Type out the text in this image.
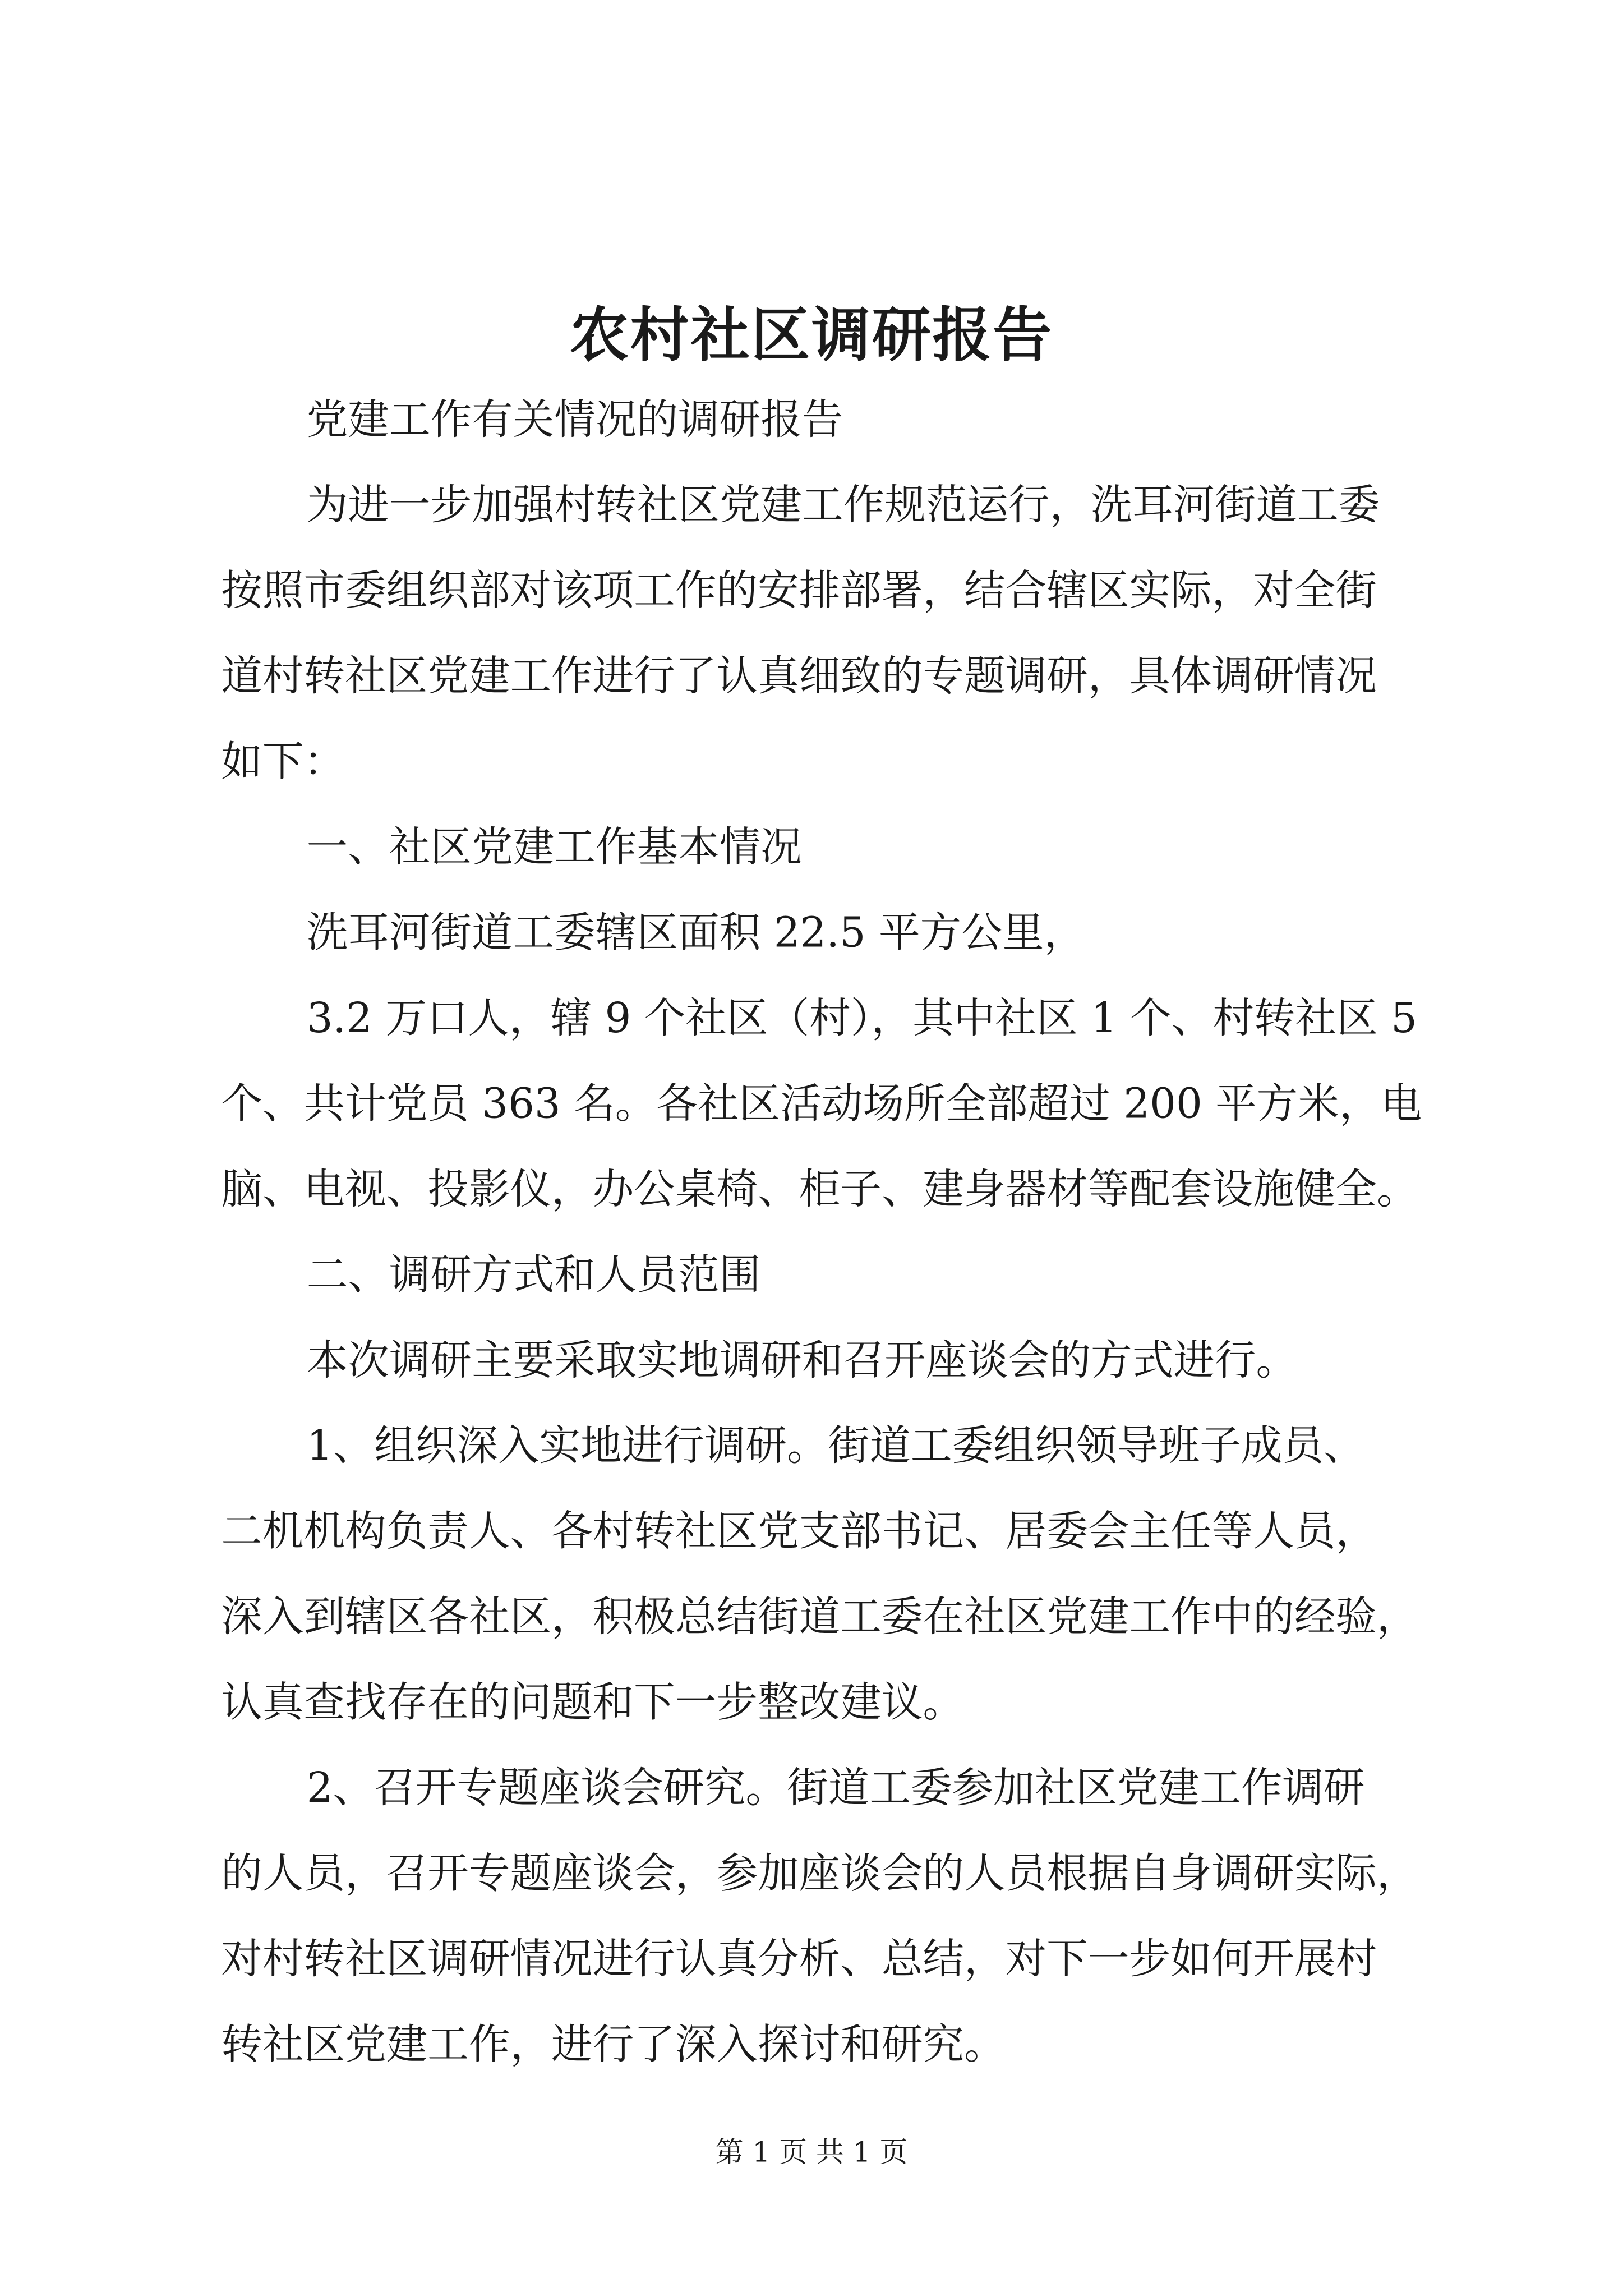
农村社区调研报告
党建工作有关情况的调研报告
为进一步加强村转社区党建工作规范运行，洗耳河街道工委
按照市委组织部对该项工作的安排部署，结合辖区实际，对全街
道村转社区党建工作进行了认真细致的专题调研，具体调研情况
如下：
一、社区党建工作基本情况
洗耳河街道工委辖区面积 22.5 平方公里，
3.2 万口人，辖 9 个社区（村），其中社区 1 个、村转社区 5
个、共计党员 363 名。各社区活动场所全部超过 200 平方米，电
脑、电视、投影仪，办公桌椅、柜子、建身器材等配套设施健全。
二、调研方式和人员范围
本次调研主要采取实地调研和召开座谈会的方式进行。
1、组织深入实地进行调研。街道工委组织领导班子成员、
二机机构负责人、各村转社区党支部书记、居委会主任等人员，
深入到辖区各社区，积极总结街道工委在社区党建工作中的经验，
认真查找存在的问题和下一步整改建议。
2、召开专题座谈会研究。街道工委参加社区党建工作调研
的人员，召开专题座谈会，参加座谈会的人员根据自身调研实际，
对村转社区调研情况进行认真分析、总结，对下一步如何开展村
转社区党建工作，进行了深入探讨和研究。
第 1 页 共 1 页
